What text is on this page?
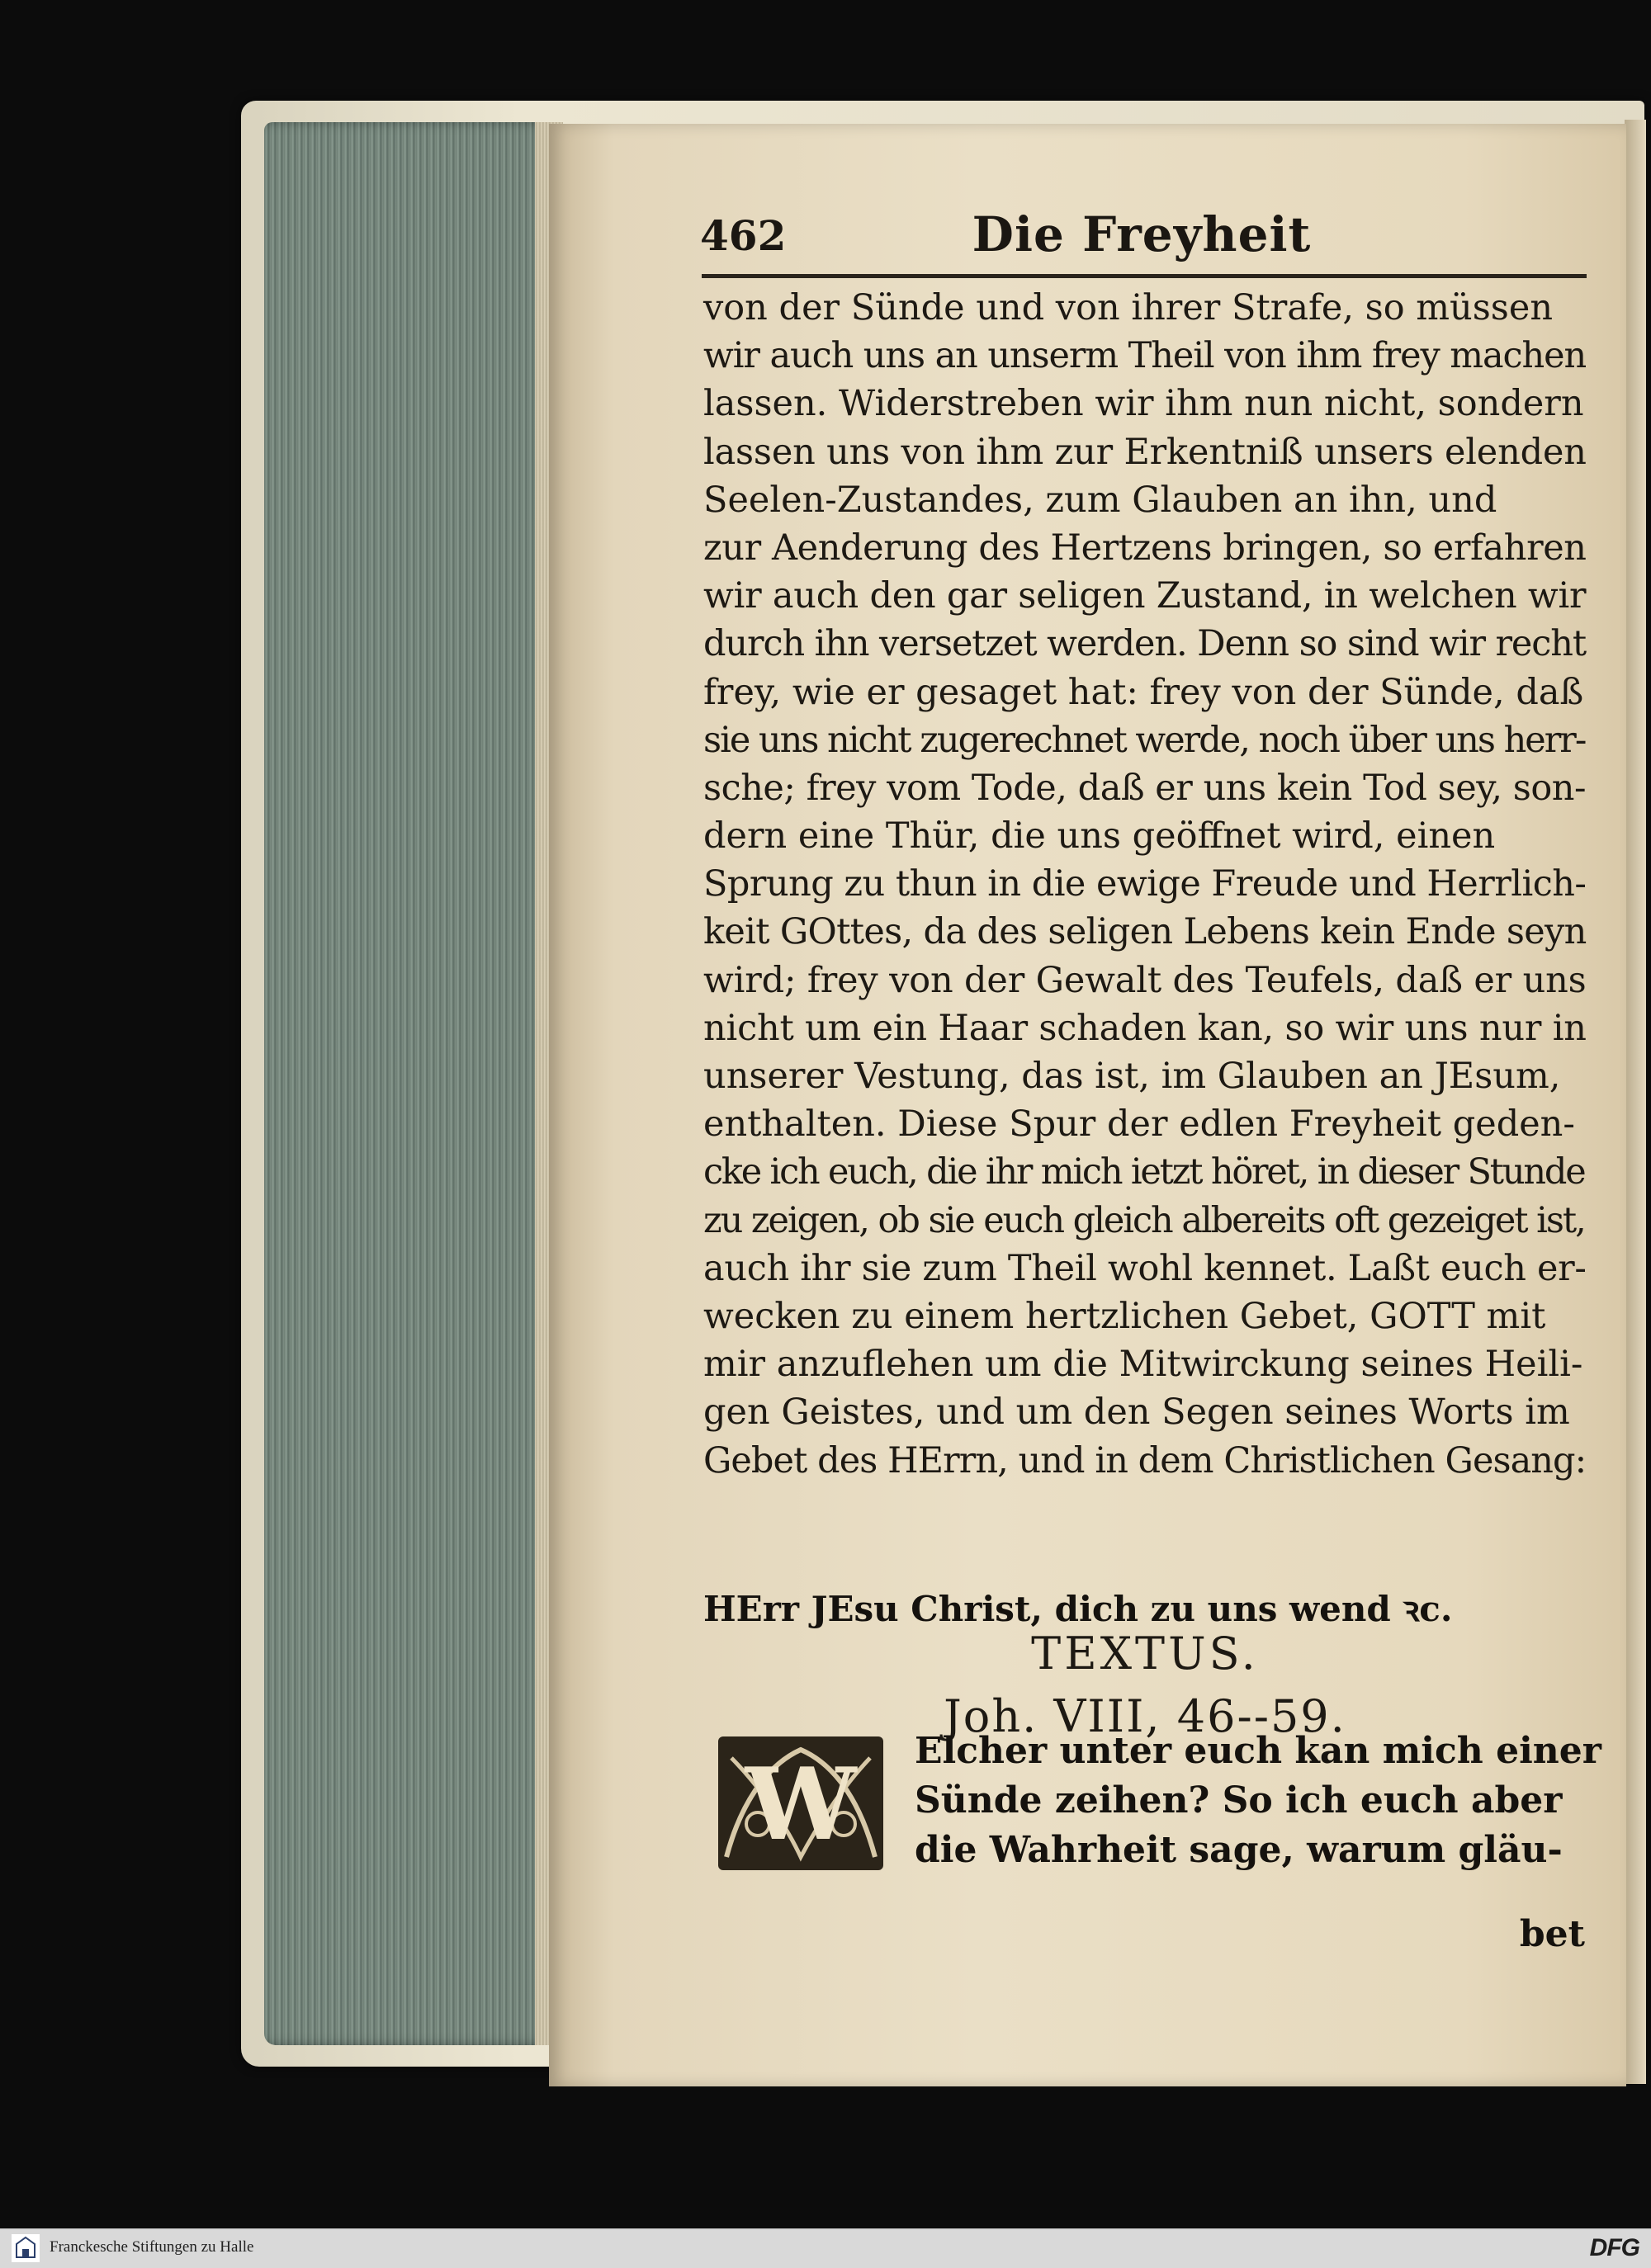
462	Die Freyheit
von der Sünde und von ihrer Strafe, so müssen
wir auch uns an unserm Theil von ihm frey machen
lassen. Widerstreben wir ihm nun nicht, sondern
lassen uns von ihm zur Erkentniß unsers elenden
Seelen-Zustandes, zum Glauben an ihn, und
zur Aenderung des Hertzens bringen, so erfahren
wir auch den gar seligen Zustand, in welchen wir
durch ihn versetzet werden. Denn so sind wir recht
frey, wie er gesaget hat: frey von der Sünde, daß
sie uns nicht zugerechnet werde, noch über uns herr-
sche; frey vom Tode, daß er uns kein Tod sey, son-
dern eine Thür, die uns geöffnet wird, einen
Sprung zu thun in die ewige Freude und Herrlich-
keit GOttes, da des seligen Lebens kein Ende seyn
wird; frey von der Gewalt des Teufels, daß er uns
nicht um ein Haar schaden kan, so wir uns nur in
unserer Vestung, das ist, im Glauben an JEsum,
enthalten. Diese Spur der edlen Freyheit geden-
cke ich euch, die ihr mich ietzt höret, in dieser Stunde
zu zeigen, ob sie euch gleich albereits oft gezeiget ist,
auch ihr sie zum Theil wohl kennet. Laßt euch er-
wecken zu einem hertzlichen Gebet, GOTT mit
mir anzuflehen um die Mitwirckung seines Heili-
gen Geistes, und um den Segen seines Worts im
Gebet des HErrn, und in dem Christlichen Gesang:
HErr JEsu Christ, dich zu uns wend ꝛc.
TEXTUS.
Joh. VIII, 46--59.
W Elcher unter euch kan mich einer
Sünde zeihen? So ich euch aber
die Wahrheit sage, warum gläu-
bet
Franckesche Stiftungen zu Halle	DFG
